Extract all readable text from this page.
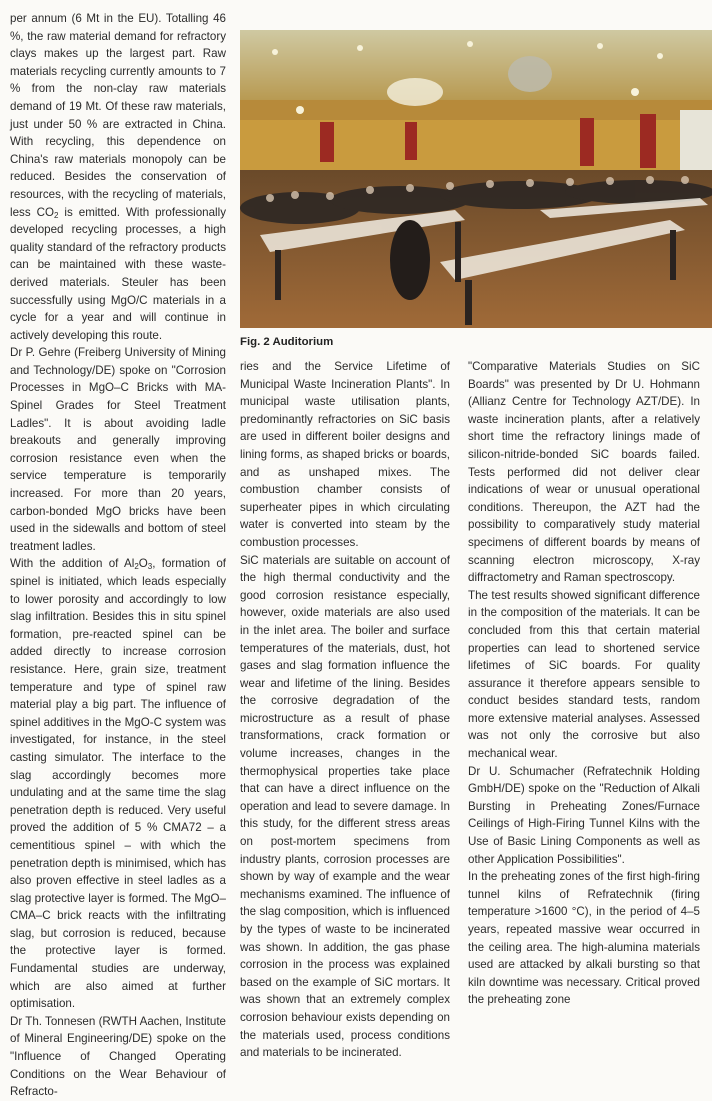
per annum (6 Mt in the EU). Totalling 46 %, the raw material demand for refractory clays makes up the largest part. Raw materials recycling currently amounts to 7 % from the non-clay raw materials demand of 19 Mt. Of these raw materials, just under 50 % are extracted in China. With recycling, this dependence on China's raw materials monopoly can be reduced. Besides the conservation of resources, with the recycling of materials, less $CO_2$ is emitted. With professionally developed recycling processes, a high quality standard of the refractory products can be maintained with these waste-derived materials. Steuler has been successfully using MgO/C materials in a cycle for a year and will continue in actively developing this route.

Dr P. Gehre (Freiberg University of Mining and Technology/DE) spoke on "Corrosion Processes in MgO–C Bricks with MA-Spinel Grades for Steel Treatment Ladles". It is about avoiding ladle breakouts and generally improving corrosion resistance even when the service temperature is temporarily increased. For more than 20 years, carbon-bonded MgO bricks have been used in the sidewalls and bottom of steel treatment ladles.

With the addition of $Al_2O_3$, formation of spinel is initiated, which leads especially to lower porosity and accordingly to low slag infiltration. Besides this in situ spinel formation, pre-reacted spinel can be added directly to increase corrosion resistance. Here, grain size, treatment temperature and type of spinel raw material play a big part. The influence of spinel additives in the MgO-C system was investigated, for instance, in the steel casting simulator. The interface to the slag accordingly becomes more undulating and at the same time the slag penetration depth is reduced. Very useful proved the addition of 5 % CMA72 – a cementitious spinel – with which the penetration depth is minimised, which has also proven effective in steel ladles as a slag protective layer is formed. The MgO–CMA–C brick reacts with the infiltrating slag, but corrosion is reduced, because the protective layer is formed. Fundamental studies are underway, which are also aimed at further optimisation.

Dr Th. Tonnesen (RWTH Aachen, Institute of Mineral Engineering/DE) spoke on the "Influence of Changed Operating Conditions on the Wear Behaviour of Refracto-

Fig. 2 Auditorium

ries and the Service Lifetime of Municipal Waste Incineration Plants". In municipal waste utilisation plants, predominantly refractories on SiC basis are used in different boiler designs and lining forms, as shaped bricks or boards, and as unshaped mixes. The combustion chamber consists of superheater pipes in which circulating water is converted into steam by the combustion processes.

SiC materials are suitable on account of the high thermal conductivity and the good corrosion resistance especially, however, oxide materials are also used in the inlet area. The boiler and surface temperatures of the materials, dust, hot gases and slag formation influence the wear and lifetime of the lining. Besides the corrosive degradation of the microstructure as a result of phase transformations, crack formation or volume increases, changes in the thermophysical properties take place that can have a direct influence on the operation and lead to severe damage. In this study, for the different stress areas on post-mortem specimens from industry plants, corrosion processes are shown by way of example and the wear mechanisms examined. The influence of the slag composition, which is influenced by the types of waste to be incinerated was shown. In addition, the gas phase corrosion in the process was explained based on the example of SiC mortars. It was shown that an extremely complex corrosion behaviour exists depending on the materials used, process conditions and materials to be incinerated.

"Comparative Materials Studies on SiC Boards" was presented by Dr U. Hohmann (Allianz Centre for Technology AZT/DE). In waste incineration plants, after a relatively short time the refractory linings made of silicon-nitride-bonded SiC boards failed. Tests performed did not deliver clear indications of wear or unusual operational conditions. Thereupon, the AZT had the possibility to comparatively study material specimens of different boards by means of scanning electron microscopy, X-ray diffractometry and Raman spectroscopy.

The test results showed significant difference in the composition of the materials. It can be concluded from this that certain material properties can lead to shortened service lifetimes of SiC boards. For quality assurance it therefore appears sensible to conduct besides standard tests, random more extensive material analyses. Assessed was not only the corrosive but also mechanical wear.

Dr U. Schumacher (Refratechnik Holding GmbH/DE) spoke on the "Reduction of Alkali Bursting in Preheating Zones/Furnace Ceilings of High-Firing Tunnel Kilns with the Use of Basic Lining Components as well as other Application Possibilities".

In the preheating zones of the first high-firing tunnel kilns of Refratechnik (firing temperature >1600 °C), in the period of 4–5 years, repeated massive wear occurred in the ceiling area. The high-alumina materials used are attacked by alkali bursting so that kiln downtime was necessary. Critical proved the preheating zone
